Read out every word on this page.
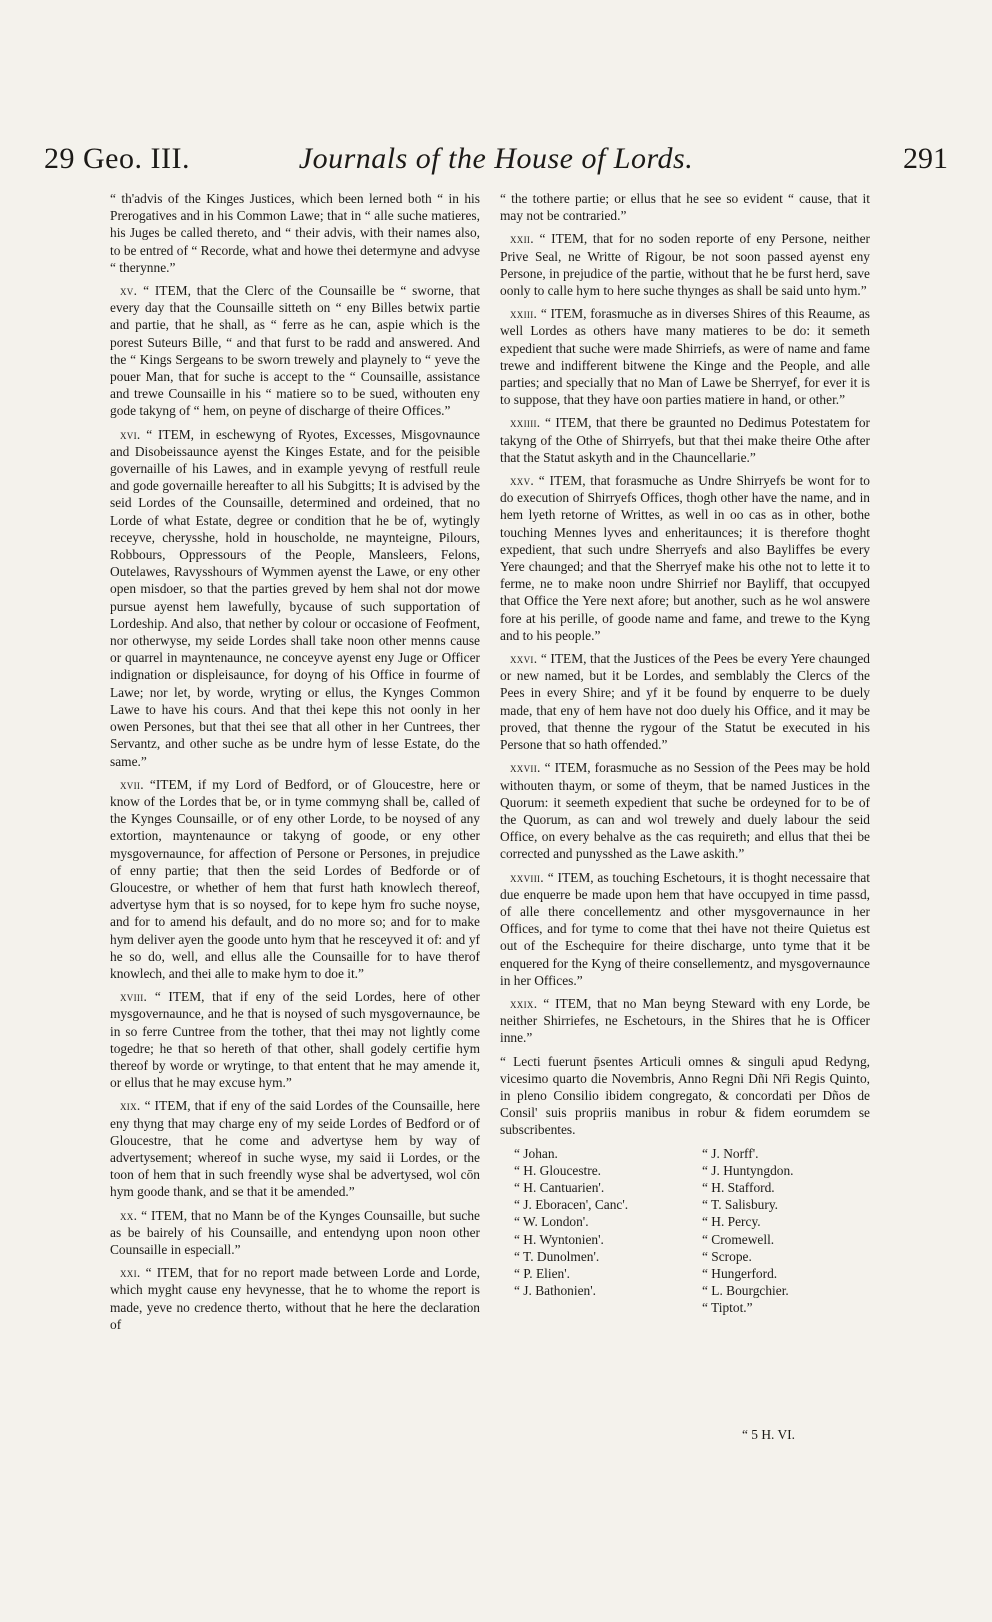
29 Geo. III.	Journals of the House of Lords.	291
“ th'advis of the Kinges Justices, which been lerned both “ in his Prerogatives and in his Common Lawe; that in “ alle suche matieres, his Juges be called thereto, and “ their advis, with their names also, to be entred of “ Recorde, what and howe thei determyne and advyse “ therynne.”
xv. “ ITEM, that the Clerc of the Counsaille be “ sworne, that every day that the Counsaille sitteth on “ eny Billes betwix partie and partie, that he shall, as “ ferre as he can, aspie which is the porest Suteurs Bille, “ and that furst to be radd and answered. And the “ Kings Sergeans to be sworn trewely and playnely to “ yeve the pouer Man, that for suche is accept to the “ Counsaille, assistance and trewe Counsaille in his “ matiere so to be sued, withouten eny gode takyng of “ hem, on peyne of discharge of theire Offices.”
xvi. “ ITEM, in eschewyng of Ryotes, Excesses, Misgovnaunce and Disobeissaunce ayenst the Kinges Estate, and for the peisible governaille of his Lawes, and in example yevyng of restfull reule and gode governaille hereafter to all his Subgitts; It is advised by the seid Lordes of the Counsaille, determined and ordeined, that no Lorde of what Estate, degree or condition that he be of, wytingly receyve, cherysshe, hold in houscholde, ne maynteigne, Pilours, Robbours, Oppressours of the People, Mansleers, Felons, Outelawes, Ravysshours of Wymmen ayenst the Lawe, or eny other open misdoer, so that the parties greved by hem shal not dor mowe pursue ayenst hem lawefully, bycause of such supportation of Lordeship. And also, that nether by colour or occasione of Feofment, nor otherwyse, my seide Lordes shall take noon other menns cause or quarrel in mayntenaunce, ne conceyve ayenst eny Juge or Officer indignation or displeisaunce, for doyng of his Office in fourme of Lawe; nor let, by worde, wryting or ellus, the Kynges Common Lawe to have his cours. And that thei kepe this not oonly in her owen Persones, but that thei see that all other in her Cuntrees, ther Servantz, and other suche as be undre hym of lesse Estate, do the same.”
xvii. “ITEM, if my Lord of Bedford, or of Gloucestre, here or know of the Lordes that be, or in tyme commyng shall be, called of the Kynges Counsaille, or of eny other Lorde, to be noysed of any extortion, mayntenaunce or takyng of goode, or eny other mysgovernaunce, for affection of Persone or Persones, in prejudice of enny partie; that then the seid Lordes of Bedforde or of Gloucestre, or whether of hem that furst hath knowlech thereof, advertyse hym that is so noysed, for to kepe hym fro suche noyse, and for to amend his default, and do no more so; and for to make hym deliver ayen the goode unto hym that he resceyved it of: and yf he so do, well, and ellus alle the Counsaille for to have therof knowlech, and thei alle to make hym to doe it.”
xviii. “ ITEM, that if eny of the seid Lordes, here of other mysgovernaunce, and he that is noysed of such mysgovernaunce, be in so ferre Cuntree from the tother, that thei may not lightly come togedre; he that so hereth of that other, shall godely certifie hym thereof by worde or wrytinge, to that entent that he may amende it, or ellus that he may excuse hym.”
xix. “ ITEM, that if eny of the said Lordes of the Counsaille, here eny thyng that may charge eny of my seide Lordes of Bedford or of Gloucestre, that he come and advertyse hem by way of advertysement; whereof in suche wyse, my said ii Lordes, or the toon of hem that in such freendly wyse shal be advertysed, wol cōn hym goode thank, and se that it be amended.”
xx. “ ITEM, that no Mann be of the Kynges Counsaille, but suche as be bairely of his Counsaille, and entendyng upon noon other Counsaille in especiall.”
xxi. “ ITEM, that for no report made between Lorde and Lorde, which myght cause eny hevynesse, that he to whome the report is made, yeve no credence therto, without that he here the declaration of
“ the tothere partie; or ellus that he see so evident “ cause, that it may not be contraried.”
xxii. “ ITEM, that for no soden reporte of eny Persone, neither Prive Seal, ne Writte of Rigour, be not soon passed ayenst eny Persone, in prejudice of the partie, without that he be furst herd, save oonly to calle hym to here suche thynges as shall be said unto hym.”
xxiii. “ ITEM, forasmuche as in diverses Shires of this Reaume, as well Lordes as others have many matieres to be do: it semeth expedient that suche were made Shirriefs, as were of name and fame trewe and indifferent bitwene the Kinge and the People, and alle parties; and specially that no Man of Lawe be Sherryef, for ever it is to suppose, that they have oon parties matiere in hand, or other.”
xxiiii. “ ITEM, that there be graunted no Dedimus Potestatem for takyng of the Othe of Shirryefs, but that thei make theire Othe after that the Statut askyth and in the Chauncellarie.”
xxv. “ ITEM, that forasmuche as Undre Shirryefs be wont for to do execution of Shirryefs Offices, thogh other have the name, and in hem lyeth retorne of Writtes, as well in oo cas as in other, bothe touching Mennes lyves and enheritaunces; it is therefore thoght expedient, that such undre Sherryefs and also Bayliffes be every Yere chaunged; and that the Sherryef make his othe not to lette it to ferme, ne to make noon undre Shirrief nor Bayliff, that occupyed that Office the Yere next afore; but another, such as he wol answere fore at his perille, of goode name and fame, and trewe to the Kyng and to his people.”
xxvi. “ ITEM, that the Justices of the Pees be every Yere chaunged or new named, but it be Lordes, and semblably the Clercs of the Pees in every Shire; and yf it be found by enquerre to be duely made, that eny of hem have not doo duely his Office, and it may be proved, that thenne the rygour of the Statut be executed in his Persone that so hath offended.”
xxvii. “ ITEM, forasmuche as no Session of the Pees may be hold withouten thaym, or some of theym, that be named Justices in the Quorum: it seemeth expedient that suche be ordeyned for to be of the Quorum, as can and wol trewely and duely labour the seid Office, on every behalve as the cas requireth; and ellus that thei be corrected and punysshed as the Lawe askith.”
xxviii. “ ITEM, as touching Eschetours, it is thoght necessaire that due enquerre be made upon hem that have occupyed in time passd, of alle there concellementz and other mysgovernaunce in her Offices, and for tyme to come that thei have not theire Quietus est out of the Eschequire for theire discharge, unto tyme that it be enquered for the Kyng of theire consellementz, and mysgovernaunce in her Offices.”
xxix. “ ITEM, that no Man beyng Steward with eny Lorde, be neither Shirriefes, ne Eschetours, in the Shires that he is Officer inne.”
“ Lecti fuerunt p̄sentes Articuli omnes & singuli apud Redyng, vicesimo quarto die Novembris, Anno Regni Dñi Nr̄i Regis Quinto, in pleno Consilio ibidem congregato, & concordati per Dños de Consil' suis propriis manibus in robur & fidem eorumdem se subscribentes.
“ Johan.
“ H. Gloucestre.
“ H. Cantuarien'.
“ J. Eboracen', Canc'.
“ W. London'.
“ H. Wyntonien'.
“ T. Dunolmen'.
“ P. Elien'.
“ J. Bathonien'.
“ J. Norff'.
“ J. Huntyngdon.
“ H. Stafford.
“ T. Salisbury.
“ H. Percy.
“ Cromewell.
“ Scrope.
“ Hungerford.
“ L. Bourgchier.
“ Tiptot.”
“ 5 H. VI.
